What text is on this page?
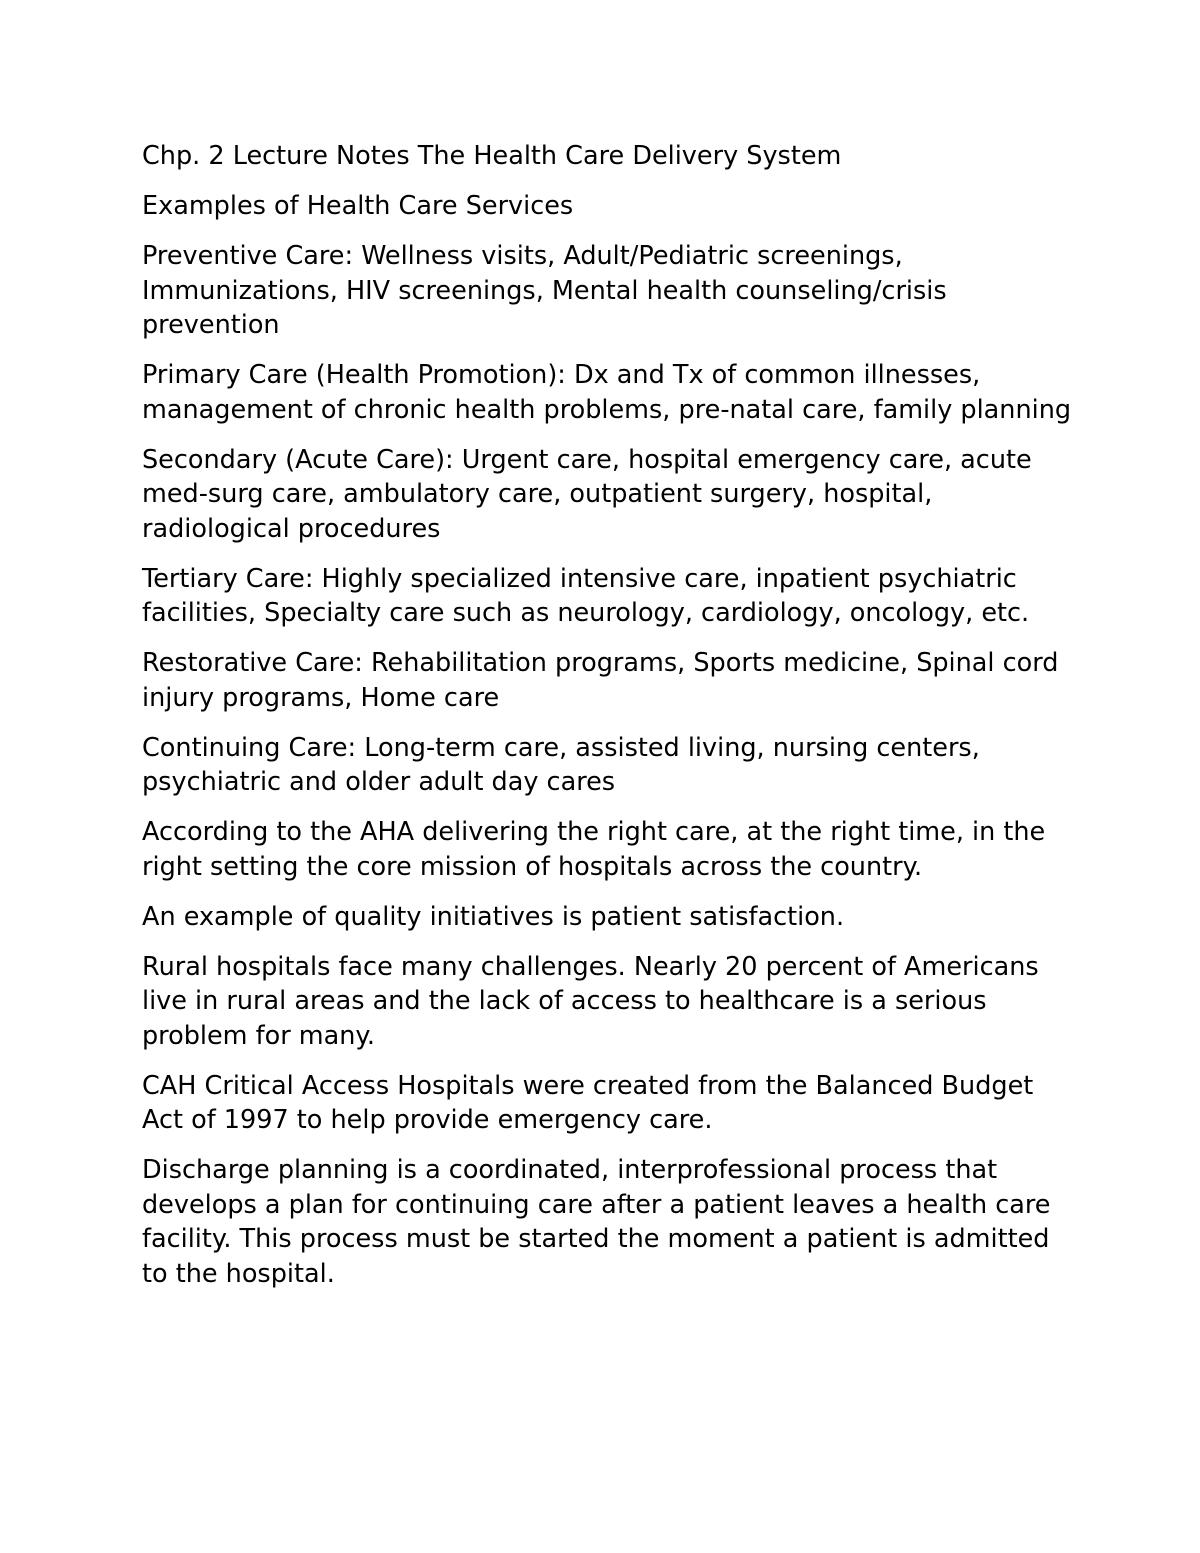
Chp. 2 Lecture Notes The Health Care Delivery System

Examples of Health Care Services

Preventive Care: Wellness visits, Adult/Pediatric screenings, Immunizations, HIV screenings, Mental health counseling/crisis prevention

Primary Care (Health Promotion): Dx and Tx of common illnesses, management of chronic health problems, pre-natal care, family planning

Secondary (Acute Care): Urgent care, hospital emergency care, acute med-surg care, ambulatory care, outpatient surgery, hospital, radiological procedures

Tertiary Care: Highly specialized intensive care, inpatient psychiatric facilities, Specialty care such as neurology, cardiology, oncology, etc.

Restorative Care: Rehabilitation programs, Sports medicine, Spinal cord injury programs, Home care

Continuing Care: Long-term care, assisted living, nursing centers, psychiatric and older adult day cares

According to the AHA delivering the right care, at the right time, in the right setting the core mission of hospitals across the country.

An example of quality initiatives is patient satisfaction.

Rural hospitals face many challenges. Nearly 20 percent of Americans live in rural areas and the lack of access to healthcare is a serious problem for many.

CAH Critical Access Hospitals were created from the Balanced Budget Act of 1997 to help provide emergency care.

Discharge planning is a coordinated, interprofessional process that develops a plan for continuing care after a patient leaves a health care facility. This process must be started the moment a patient is admitted to the hospital.
